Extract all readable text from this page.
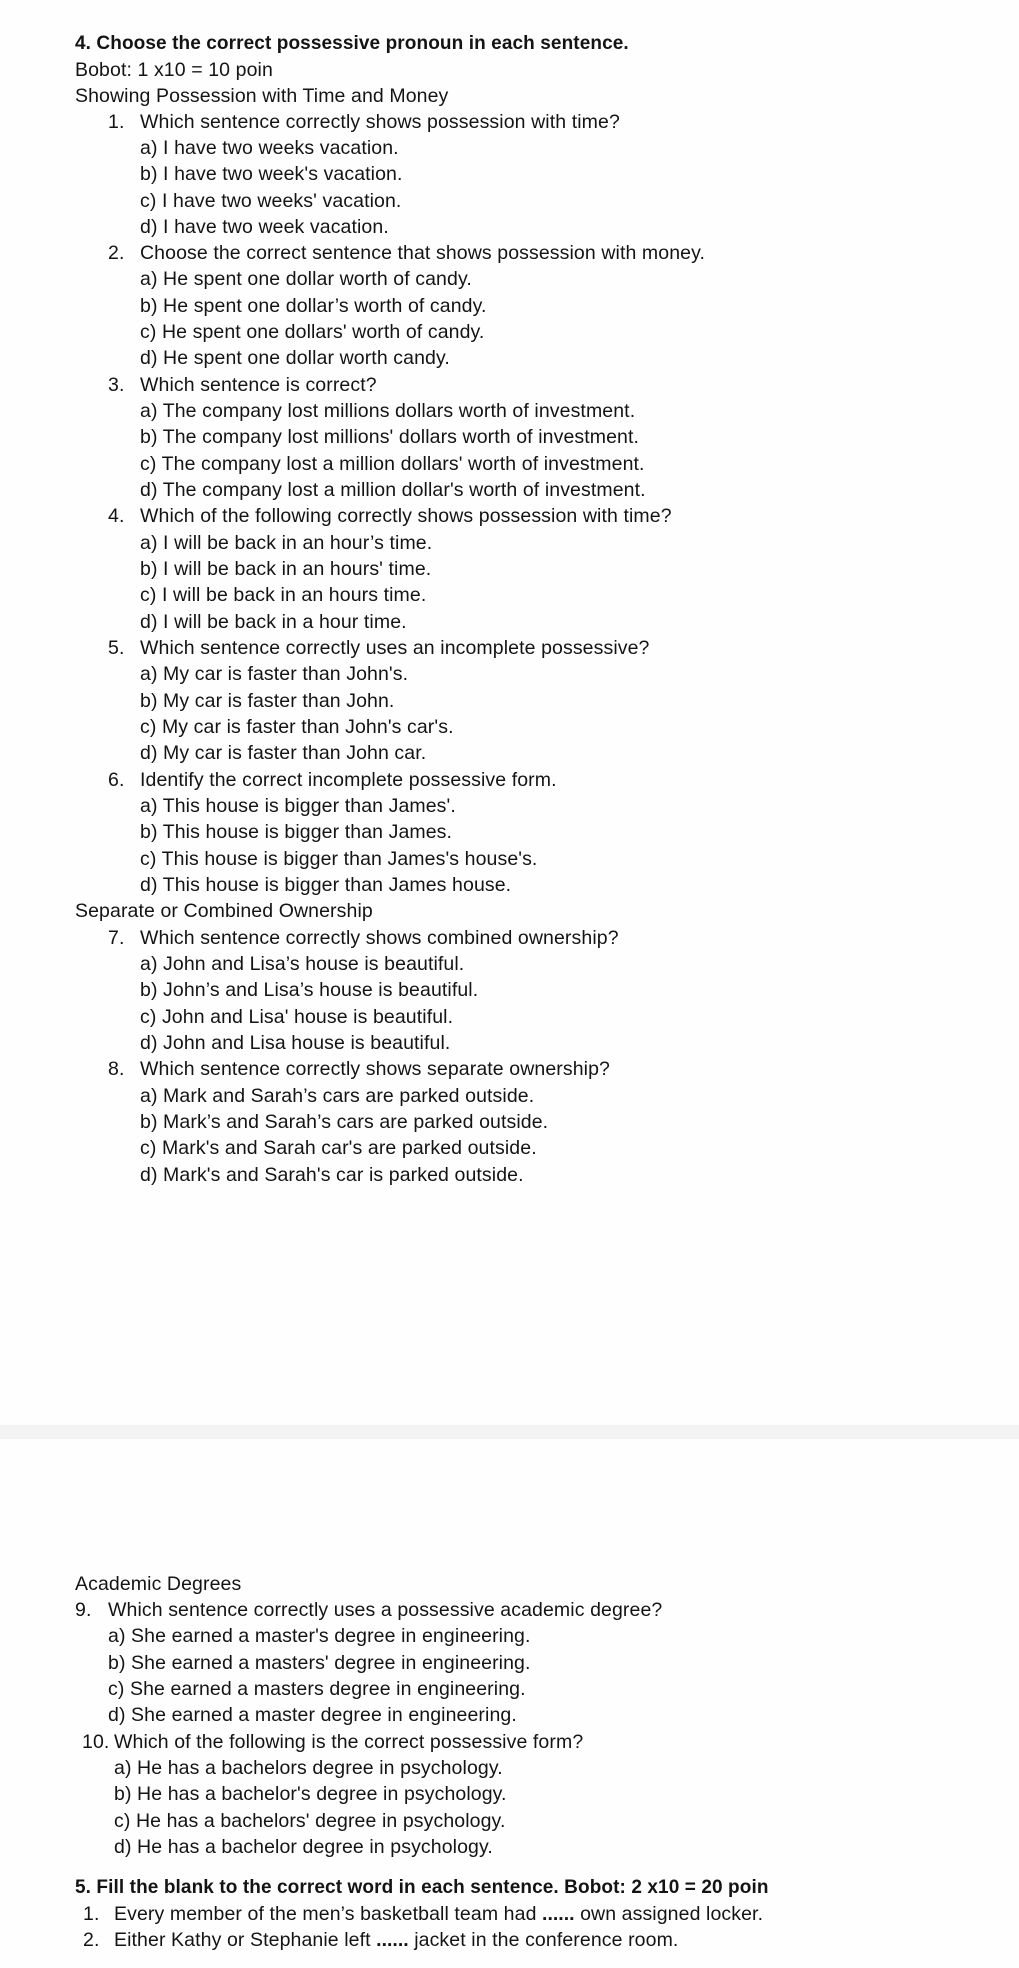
4. Choose the correct possessive pronoun in each sentence.
Bobot: 1 x10 = 10 poin
Showing Possession with Time and Money
1. Which sentence correctly shows possession with time?
a) I have two weeks vacation.
b) I have two week's vacation.
c) I have two weeks' vacation.
d) I have two week vacation.
2. Choose the correct sentence that shows possession with money.
a) He spent one dollar worth of candy.
b) He spent one dollar’s worth of candy.
c) He spent one dollars' worth of candy.
d) He spent one dollar worth candy.
3. Which sentence is correct?
a) The company lost millions dollars worth of investment.
b) The company lost millions' dollars worth of investment.
c) The company lost a million dollars' worth of investment.
d) The company lost a million dollar's worth of investment.
4. Which of the following correctly shows possession with time?
a) I will be back in an hour’s time.
b) I will be back in an hours' time.
c) I will be back in an hours time.
d) I will be back in a hour time.
5. Which sentence correctly uses an incomplete possessive?
a) My car is faster than John's.
b) My car is faster than John.
c) My car is faster than John's car's.
d) My car is faster than John car.
6. Identify the correct incomplete possessive form.
a) This house is bigger than James'.
b) This house is bigger than James.
c) This house is bigger than James's house's.
d) This house is bigger than James house.
Separate or Combined Ownership
7. Which sentence correctly shows combined ownership?
a) John and Lisa’s house is beautiful.
b) John’s and Lisa’s house is beautiful.
c) John and Lisa' house is beautiful.
d) John and Lisa house is beautiful.
8. Which sentence correctly shows separate ownership?
a) Mark and Sarah’s cars are parked outside.
b) Mark’s and Sarah’s cars are parked outside.
c) Mark's and Sarah car's are parked outside.
d) Mark's and Sarah's car is parked outside.
Academic Degrees
9. Which sentence correctly uses a possessive academic degree?
a) She earned a master's degree in engineering.
b) She earned a masters' degree in engineering.
c) She earned a masters degree in engineering.
d) She earned a master degree in engineering.
10. Which of the following is the correct possessive form?
a) He has a bachelors degree in psychology.
b) He has a bachelor's degree in psychology.
c) He has a bachelors' degree in psychology.
d) He has a bachelor degree in psychology.
5. Fill the blank to the correct word in each sentence. Bobot: 2 x10 = 20 poin
1. Every member of the men’s basketball team had ...... own assigned locker.
2. Either Kathy or Stephanie left ...... jacket in the conference room.
